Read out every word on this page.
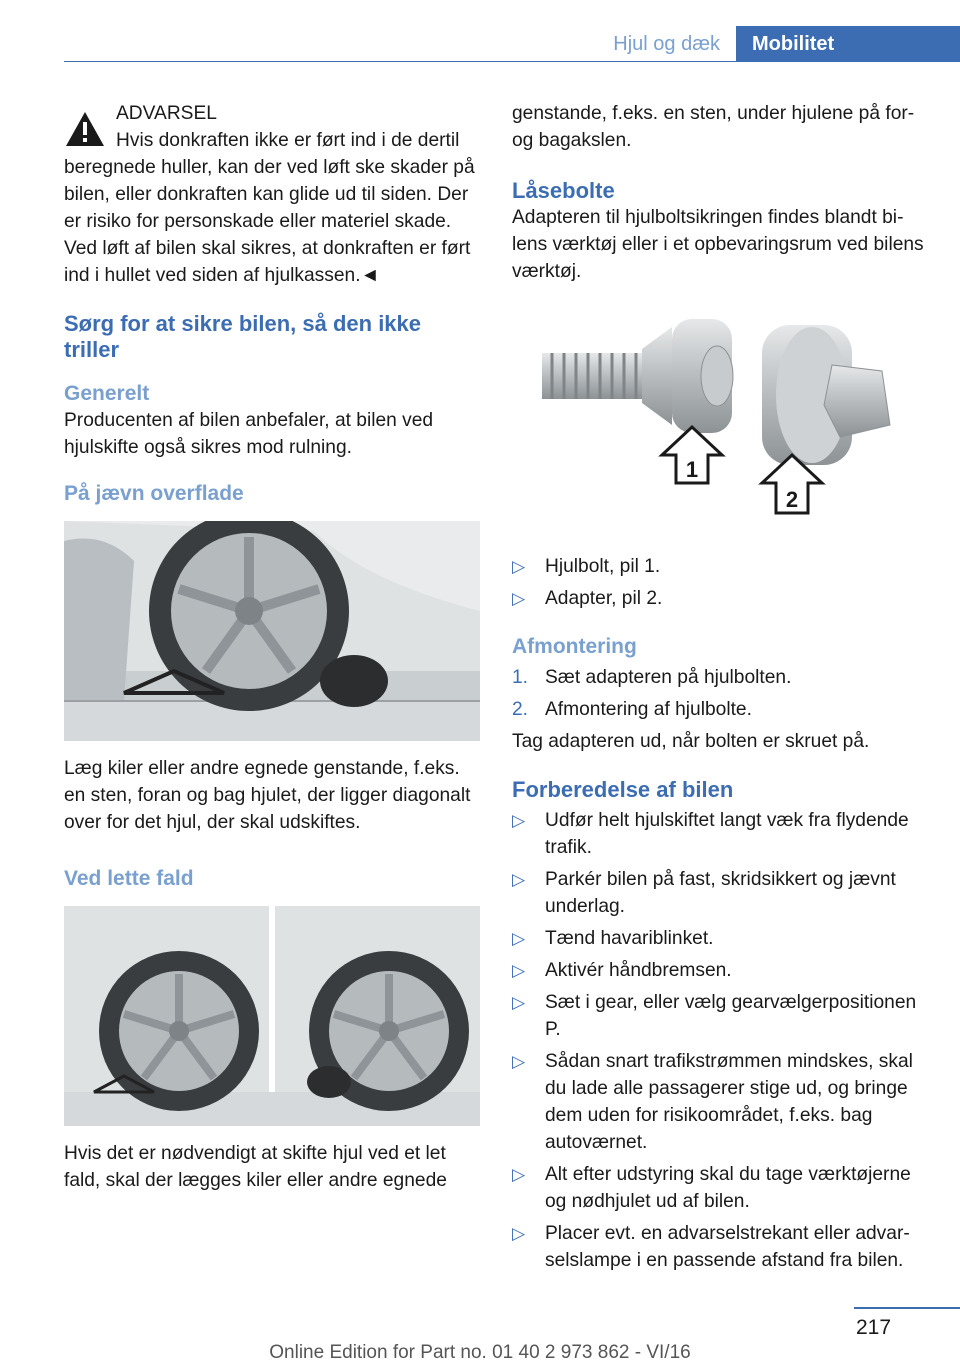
Hjul og dæk	Mobilitet

ADVARSEL

Hvis donkraften ikke er ført ind i de dertil

beregnede huller, kan der ved løft ske skader på bilen, eller donkraften kan glide ud til siden. Der er risiko for personskade eller materiel skade. Ved løft af bilen skal sikres, at donkraften er ført ind i hullet ved siden af hjulkassen.◄

Sørg for at sikre bilen, så den ikke triller

Generelt

Producenten af bilen anbefaler, at bilen ved hjulskifte også sikres mod rulning.

På jævn overflade

Læg kiler eller andre egnede genstande, f.eks. en sten, foran og bag hjulet, der ligger diagonalt over for det hjul, der skal udskiftes.

Ved lette fald

Hvis det er nødvendigt at skifte hjul ved et let fald, skal der lægges kiler eller andre egnede

genstande, f.eks. en sten, under hjulene på for- og bagakslen.

Låsebolte

Adapteren til hjulboltsikringen findes blandt bilens værktøj eller i et opbevaringsrum ved bilens værktøj.

1
2
▷ Hjulbolt, pil 1.
▷ Adapter, pil 2.

Afmontering

1. Sæt adapteren på hjulbolten.
2. Afmontering af hjulbolte.

Tag adapteren ud, når bolten er skruet på.

Forberedelse af bilen

▷ Udfør helt hjulskiftet langt væk fra flydende trafik.
▷ Parkér bilen på fast, skridsikkert og jævnt underlag.
▷ Tænd havariblinket.
▷ Aktivér håndbremsen.
▷ Sæt i gear, eller vælg gearvælgerpositionen P.
▷ Sådan snart trafikstrømmen mindskes, skal du lade alle passagerer stige ud, og bringe dem uden for risikoområdet, f.eks. bag autoværnet.
▷ Alt efter udstyring skal du tage værktøjerne og nødhjulet ud af bilen.
▷ Placer evt. en advarselstrekant eller advarselslampe i en passende afstand fra bilen.
217
Online Edition for Part no. 01 40 2 973 862 - VI/16
